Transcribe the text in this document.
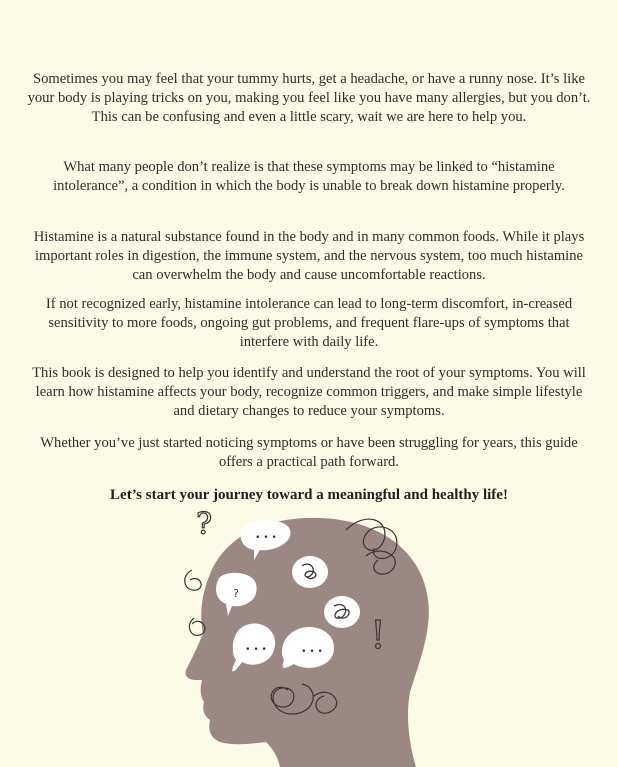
Sometimes you may feel that your tummy hurts, get a headache, or have a runny nose. It’s like your body is playing tricks on you, making you feel like you have many allergies, but you don’t. This can be confusing and even a little scary, wait we are here to help you.

What many people don’t realize is that these symptoms may be linked to “histamine intolerance”, a condition in which the body is unable to break down histamine properly.

Histamine is a natural substance found in the body and in many common foods. While it plays important roles in digestion, the immune system, and the nervous system, too much histamine can overwhelm the body and cause uncomfortable reactions.

If not recognized early, histamine intolerance can lead to long-term discomfort, in-creased sensitivity to more foods, ongoing gut problems, and frequent flare-ups of symptoms that interfere with daily life.

This book is designed to help you identify and understand the root of your symptoms. You will learn how histamine affects your body, recognize common triggers, and make simple lifestyle and dietary changes to reduce your symptoms.

Whether you’ve just started noticing symptoms or have been struggling for years, this guide offers a practical path forward.

Let’s start your journey toward a meaningful and healthy life!

• • •
?
• • •	• • •
?
!
